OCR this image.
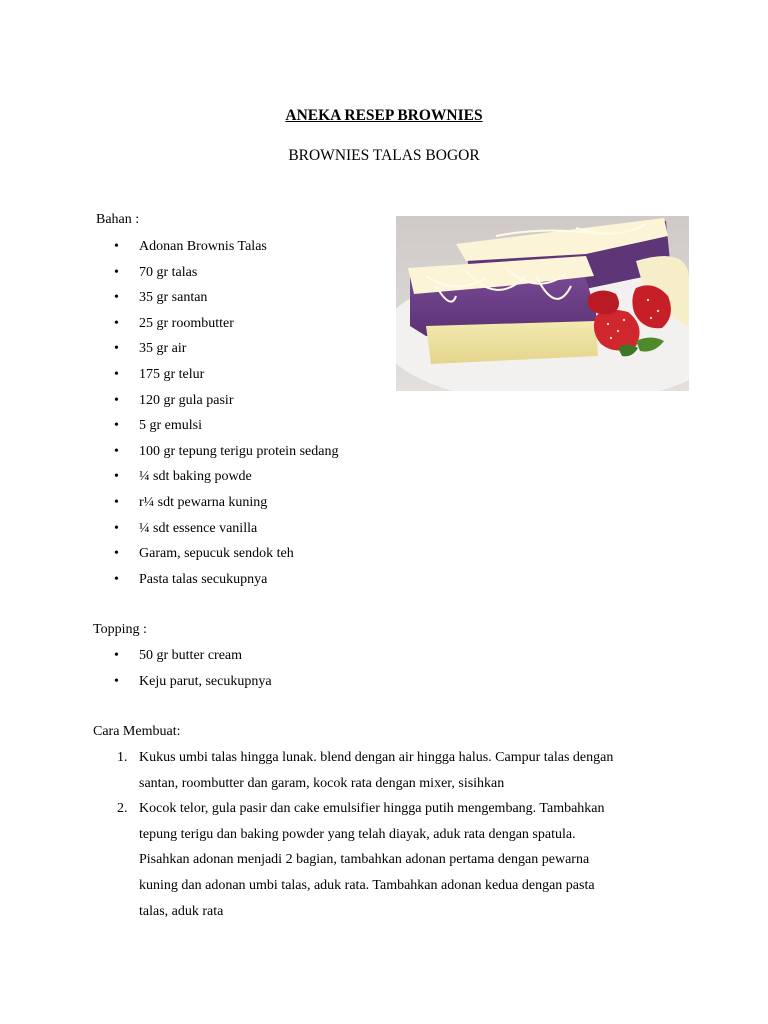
ANEKA RESEP BROWNIES
BROWNIES TALAS BOGOR
Bahan :
• Adonan Brownis Talas
• 70 gr talas
• 35 gr santan
• 25 gr roombutter
• 35 gr air
• 175 gr telur
• 120 gr gula pasir
• 5 gr emulsi
• 100 gr tepung terigu protein sedang
• ¼ sdt baking powde
• r¼ sdt pewarna kuning
• ¼ sdt essence vanilla
• Garam, sepucuk sendok teh
• Pasta talas secukupnya
Topping :
• 50 gr butter cream
• Keju parut, secukupnya
Cara Membuat:
1. Kukus umbi talas hingga lunak. blend dengan air hingga halus. Campur talas dengan
santan, roombutter dan garam, kocok rata dengan mixer, sisihkan
2. Kocok telor, gula pasir dan cake emulsifier hingga putih mengembang. Tambahkan
tepung terigu dan baking powder yang telah diayak, aduk rata dengan spatula.
Pisahkan adonan menjadi 2 bagian, tambahkan adonan pertama dengan pewarna
kuning dan adonan umbi talas, aduk rata. Tambahkan adonan kedua dengan pasta
talas, aduk rata
